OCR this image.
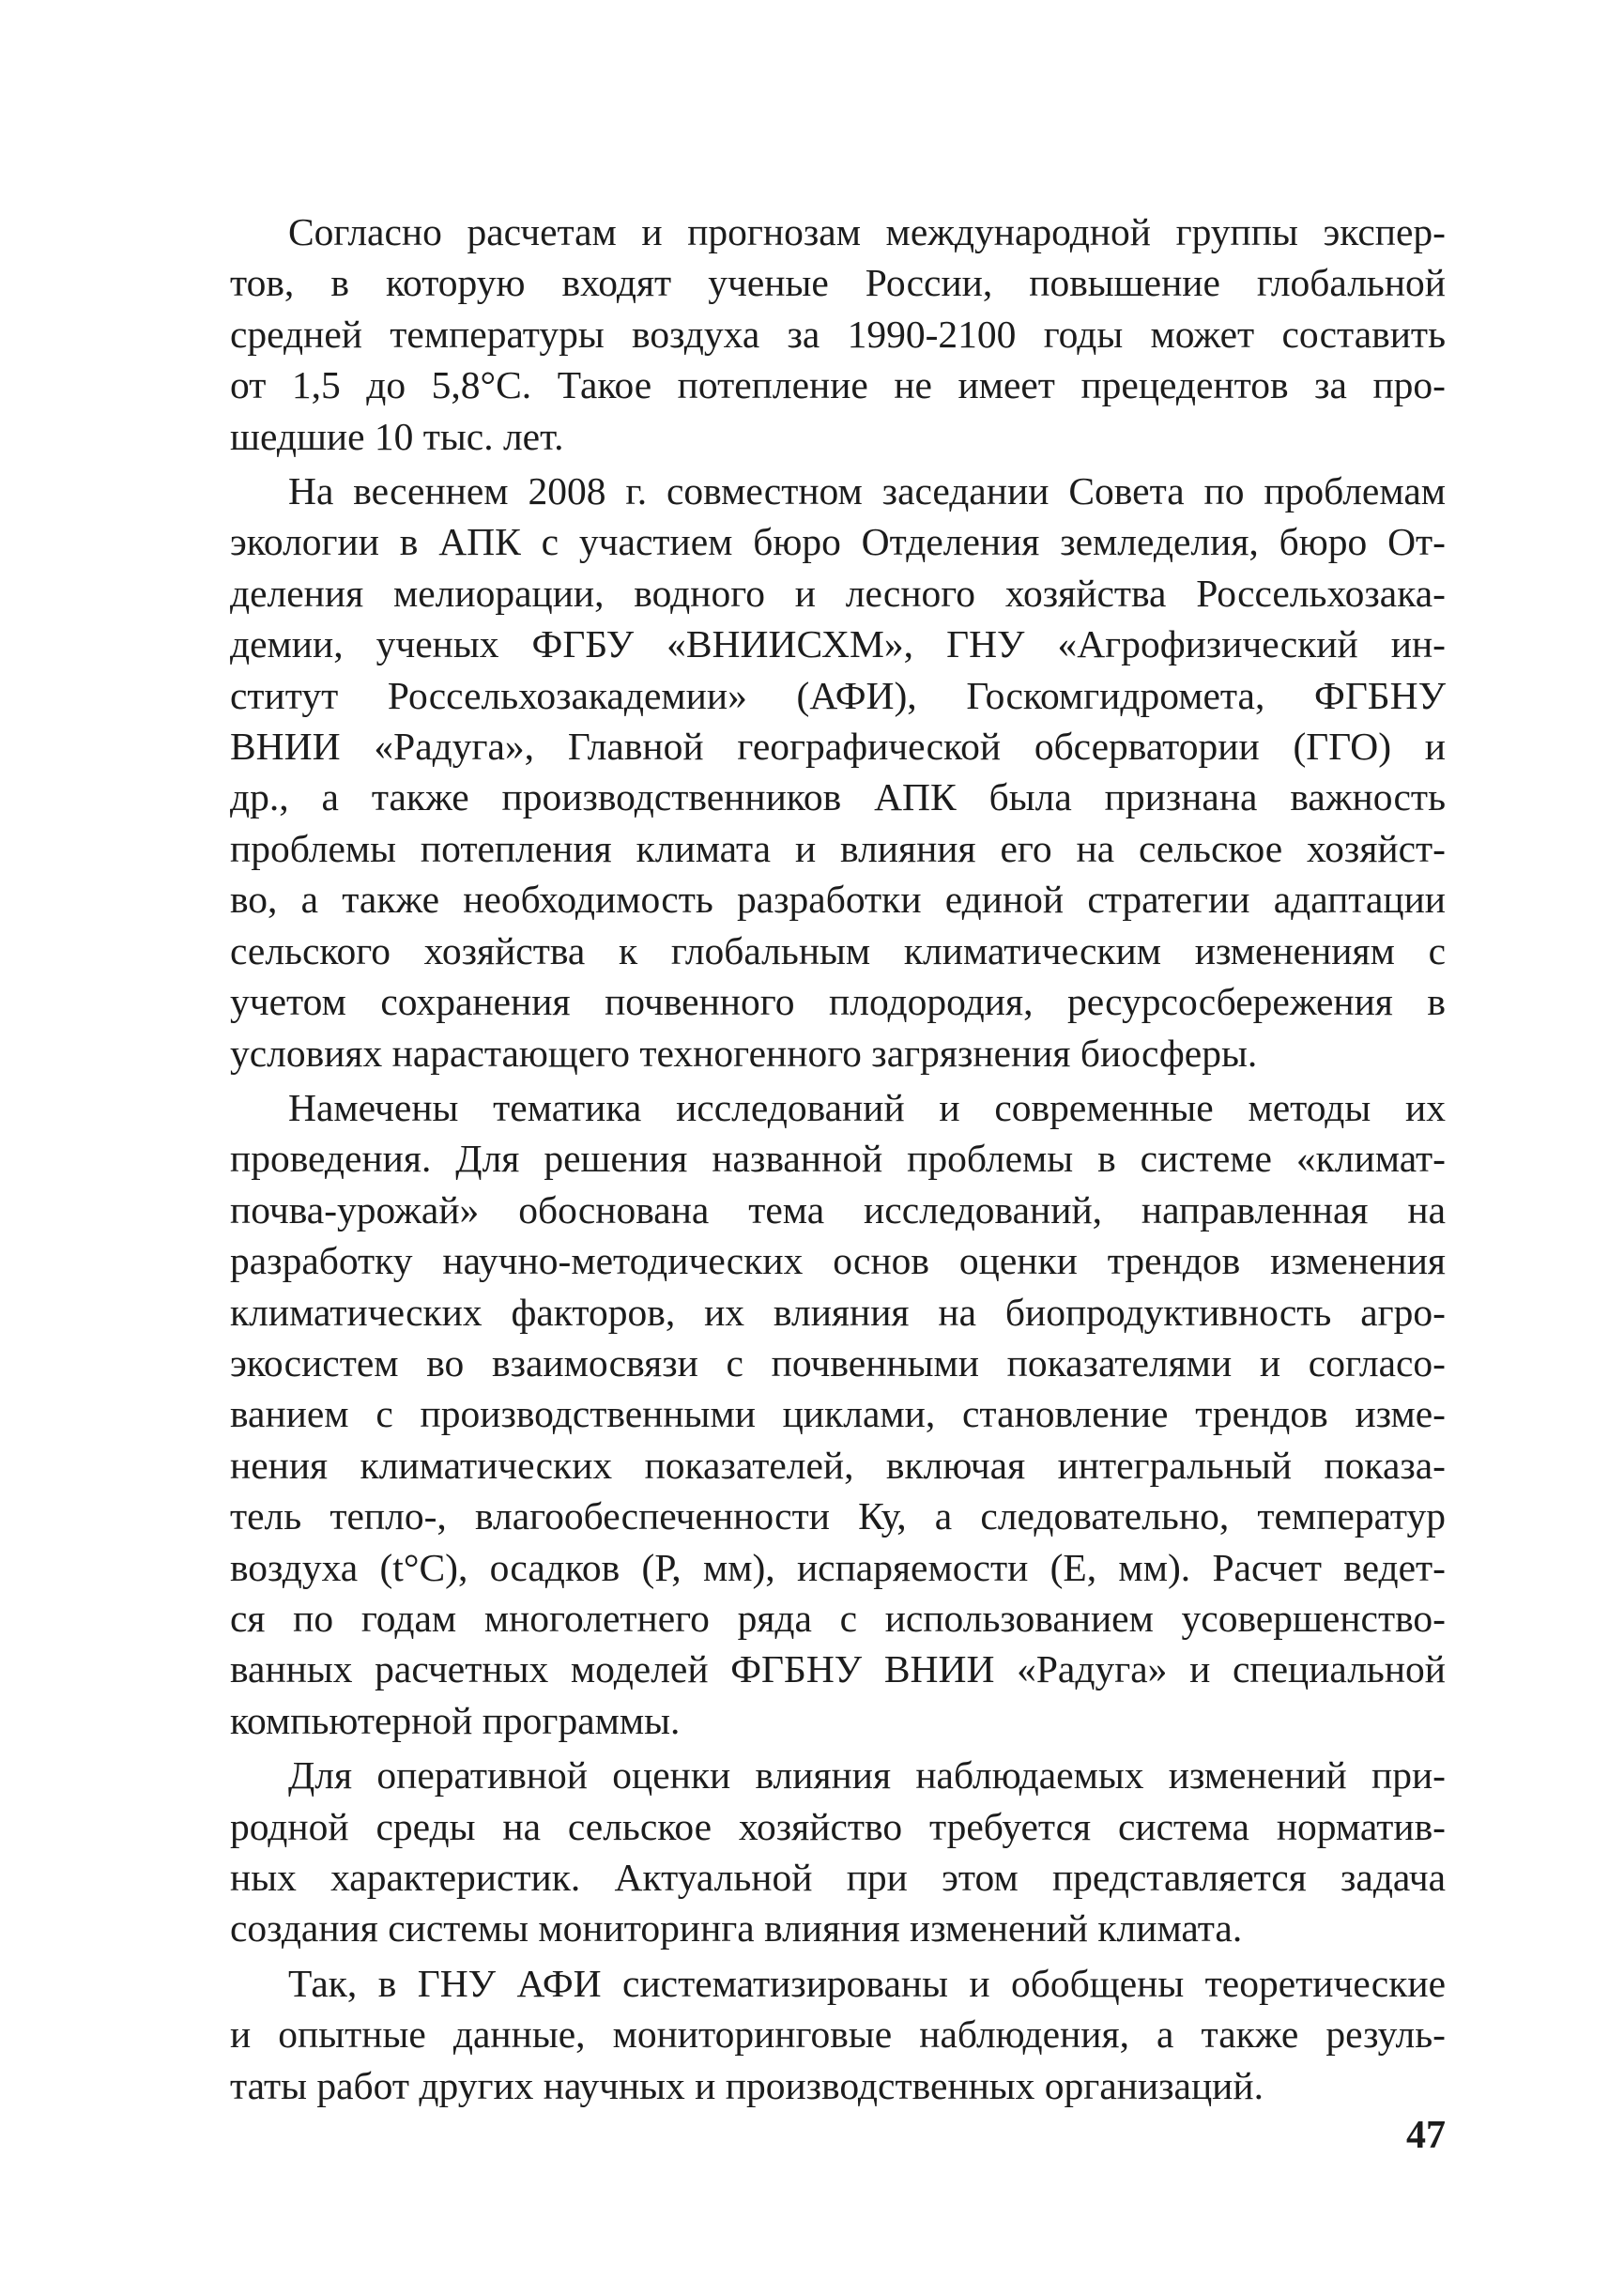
Согласно расчетам и прогнозам международной группы экспер-
тов, в которую входят ученые России, повышение глобальной
средней температуры воздуха за 1990-2100 годы может составить
от 1,5 до 5,8°С. Такое потепление не имеет прецедентов за про-
шедшие 10 тыс. лет.
На весеннем 2008 г. совместном заседании Совета по проблемам
экологии в АПК с участием бюро Отделения земледелия, бюро От-
деления мелиорации, водного и лесного хозяйства Россельхозака-
демии, ученых ФГБУ «ВНИИСХМ», ГНУ «Агрофизический ин-
ститут Россельхозакадемии» (АФИ), Госкомгидромета, ФГБНУ
ВНИИ «Радуга», Главной географической обсерватории (ГГО) и
др., а также производственников АПК была признана важность
проблемы потепления климата и влияния его на сельское хозяйст-
во, а также необходимость разработки единой стратегии адаптации
сельского хозяйства к глобальным климатическим изменениям с
учетом сохранения почвенного плодородия, ресурсосбережения в
условиях нарастающего техногенного загрязнения биосферы.
Намечены тематика исследований и современные методы их
проведения. Для решения названной проблемы в системе «климат-
почва-урожай» обоснована тема исследований, направленная на
разработку научно-методических основ оценки трендов изменения
климатических факторов, их влияния на биопродуктивность агро-
экосистем во взаимосвязи с почвенными показателями и согласо-
ванием с производственными циклами, становление трендов изме-
нения климатических показателей, включая интегральный показа-
тель тепло-, влагообеспеченности Ку, а следовательно, температур
воздуха (t°С), осадков (Р, мм), испаряемости (Е, мм). Расчет ведет-
ся по годам многолетнего ряда с использованием усовершенство-
ванных расчетных моделей ФГБНУ ВНИИ «Радуга» и специальной
компьютерной программы.
Для оперативной оценки влияния наблюдаемых изменений при-
родной среды на сельское хозяйство требуется система норматив-
ных характеристик. Актуальной при этом представляется задача
создания системы мониторинга влияния изменений климата.
Так, в ГНУ АФИ систематизированы и обобщены теоретические
и опытные данные, мониторинговые наблюдения, а также резуль-
таты работ других научных и производственных организаций.
47
